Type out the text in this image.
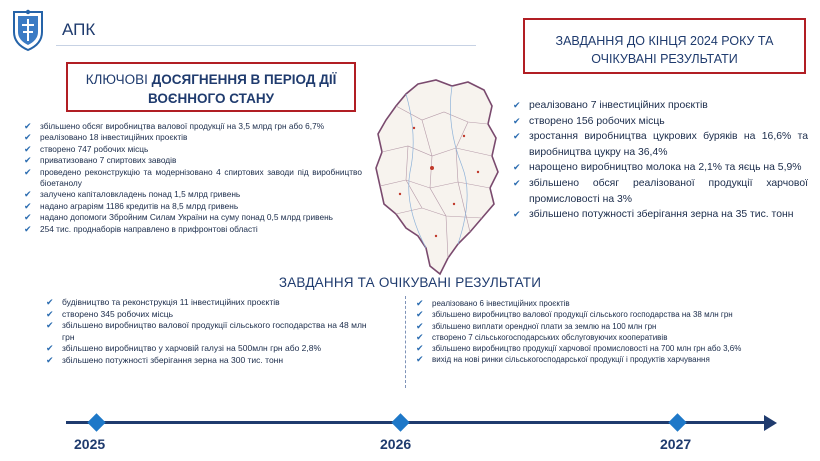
АПК
КЛЮЧОВІ ДОСЯГНЕННЯ В ПЕРІОД ДІЇ
ВОЄННОГО СТАНУ
✔ збільшено обсяг виробництва валової продукції на 3,5 млрд грн або 6,7%
✔ реалізовано 18 інвестиційних проєктів
✔ створено 747 робочих місць
✔ приватизовано 7 спиртових заводів
✔ проведено реконструкцію та модернізовано 4 спиртових заводи під виробництво біоетанолу
✔ залучено капіталовкладень понад 1,5 млрд гривень
✔ надано аграріям 1186 кредитів на 8,5 млрд гривень
✔ надано допомоги Збройним Силам України на суму понад 0,5 млрд гривень
✔ 254 тис. проднаборів направлено в прифронтові області
ЗАВДАННЯ ДО КІНЦЯ 2024 РОКУ ТА
ОЧІКУВАНІ РЕЗУЛЬТАТИ
✔ реалізовано 7 інвестиційних проєктів
✔ створено 156 робочих місць
✔ зростання виробництва цукрових буряків на 16,6% та виробництва цукру на 36,4%
✔ нарощено виробництво молока на 2,1% та яєць на 5,9%
✔ збільшено обсяг реалізованої продукції харчової промисловості на 3%
✔ збільшено потужності зберігання зерна на 35 тис. тонн
ЗАВДАННЯ ТА ОЧІКУВАНІ РЕЗУЛЬТАТИ
✔ будівництво та реконструкція 11 інвестиційних проєктів
✔ створено 345 робочих місць
✔ збільшено виробництво валової продукції сільського господарства на 48 млн грн
✔ збільшено виробництво у харчовій галузі на 500млн грн або 2,8%
✔ збільшено потужності зберігання зерна на 300 тис. тонн
✔ реалізовано 6 інвестиційних проєктів
✔ збільшено виробництво валової продукції сільського господарства на 38 млн грн
✔ збільшено виплати орендної плати за землю на 100 млн грн
✔ створено 7 сільськогосподарських обслуговуючих кооперативів
✔ збільшено виробництво продукції харчової промисловості на 700 млн грн або 3,6%
✔ вихід на нові ринки сільськогосподарської продукції і продуктів харчування
2025	2026	2027
